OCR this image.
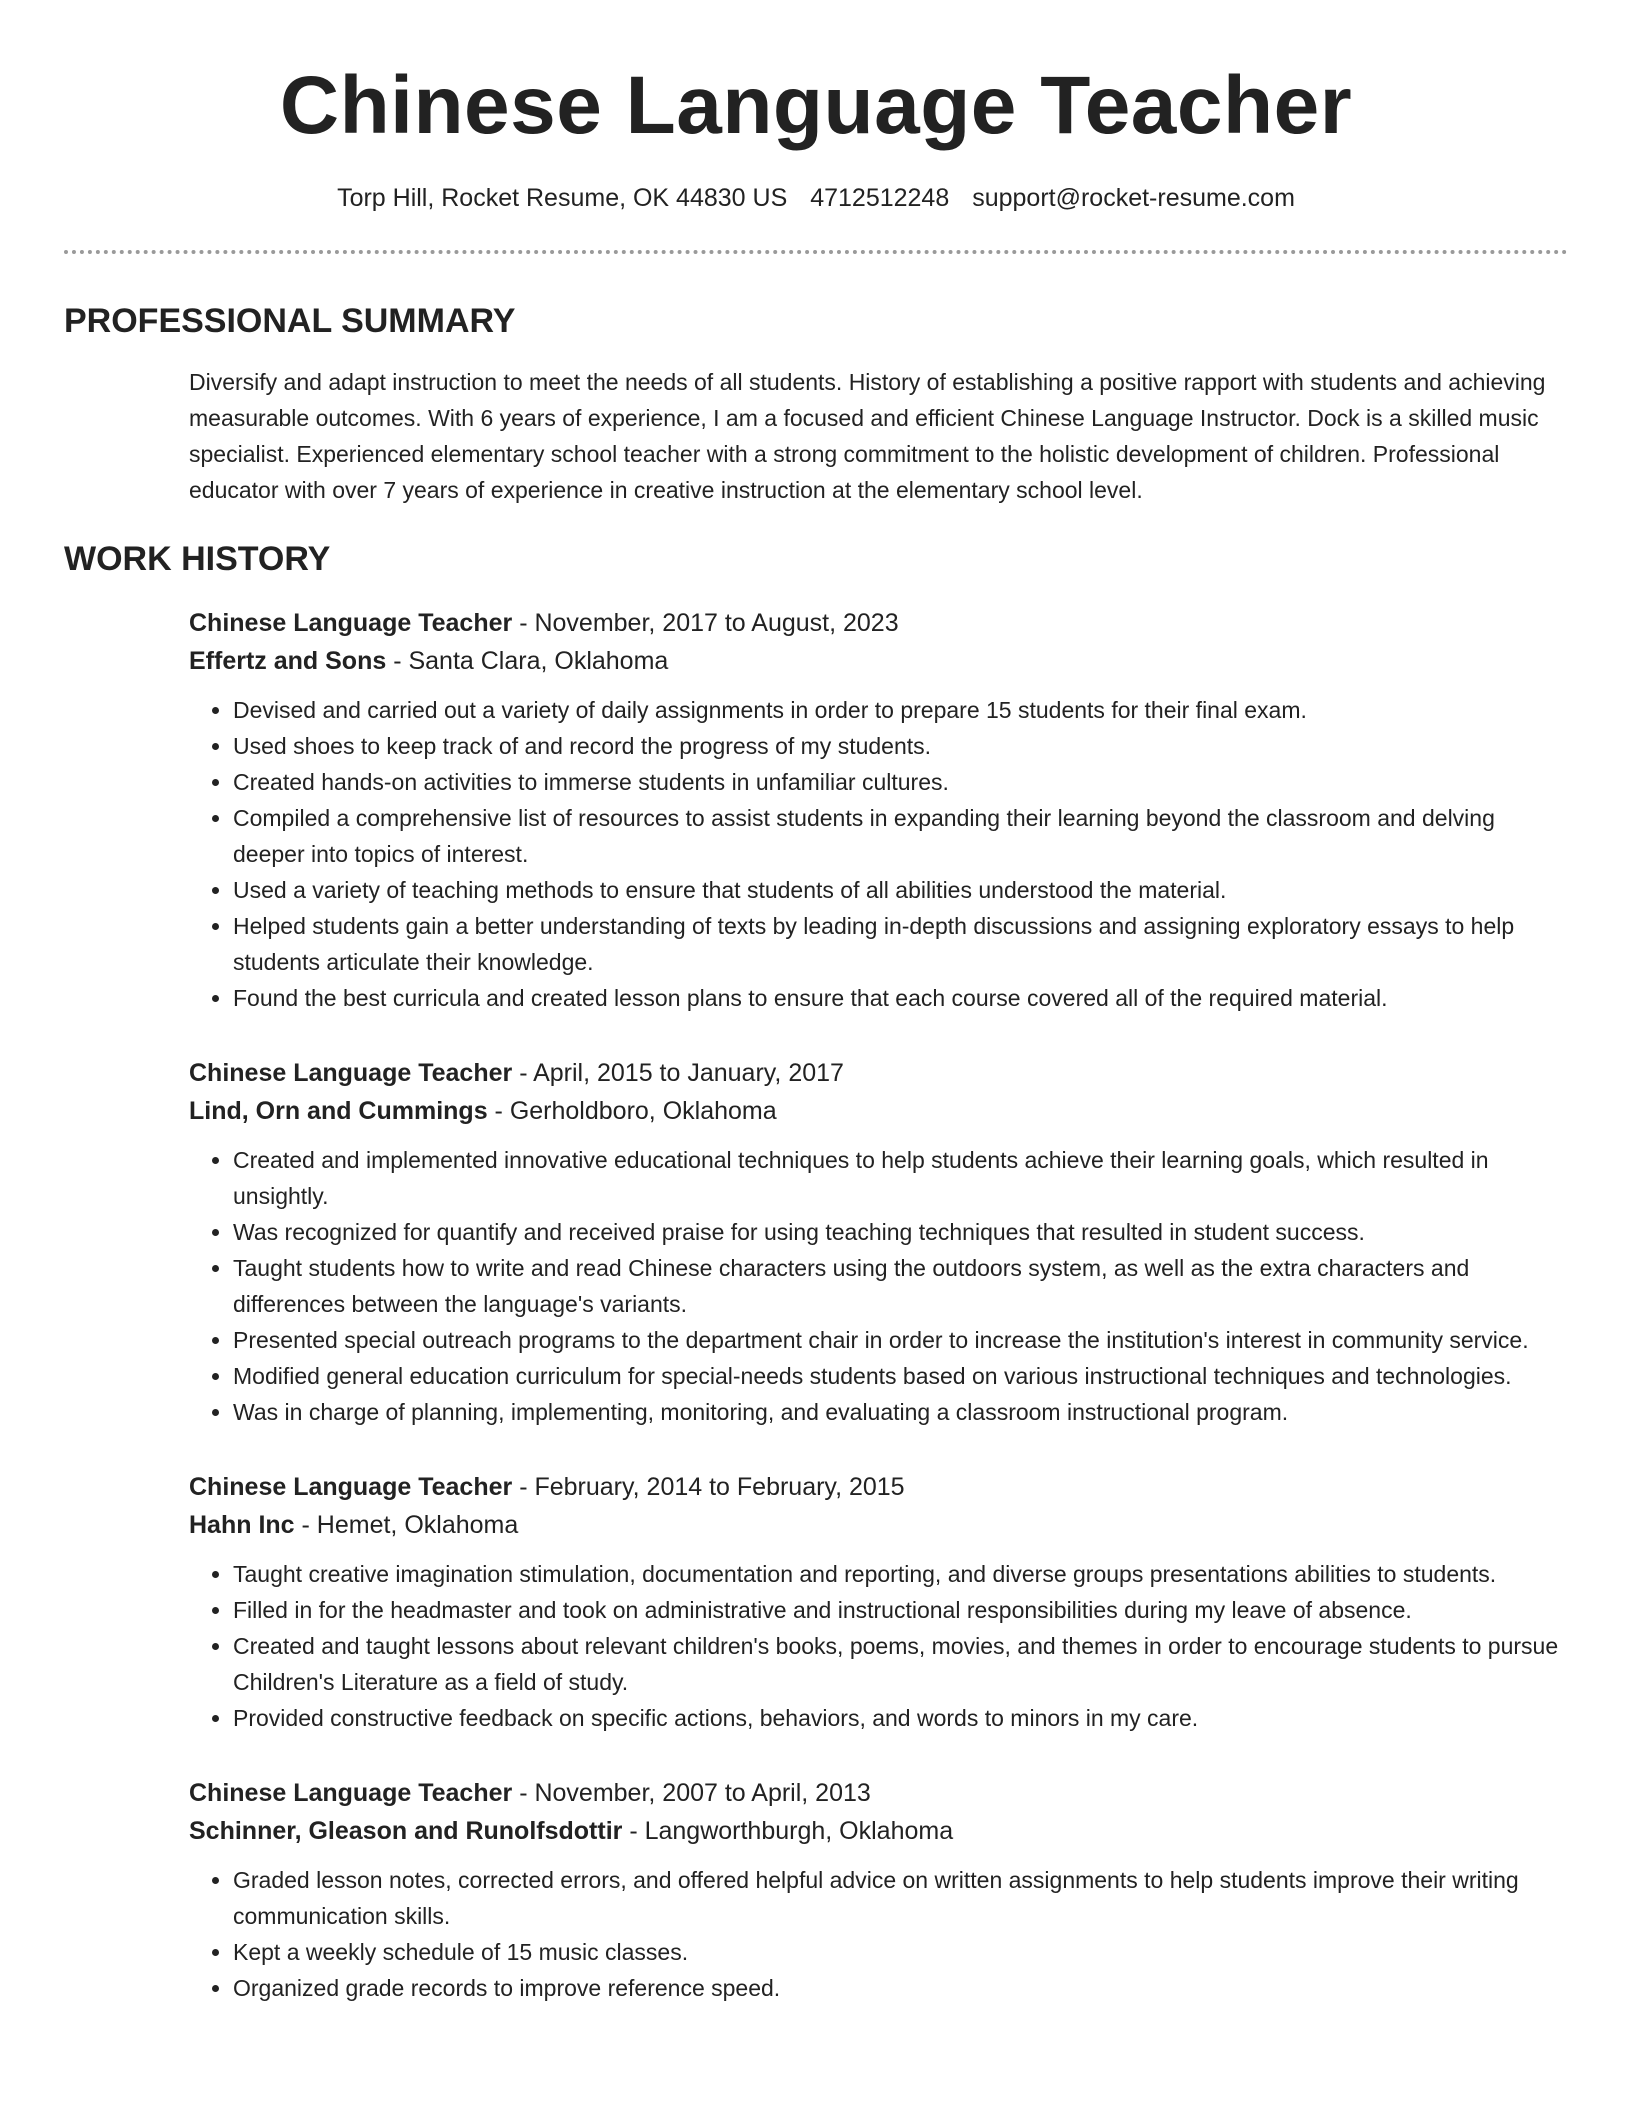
Chinese Language Teacher
Torp Hill, Rocket Resume, OK 44830 US 4712512248 support@rocket-resume.com
PROFESSIONAL SUMMARY

Diversify and adapt instruction to meet the needs of all students. History of establishing a positive rapport with students and achieving measurable outcomes. With 6 years of experience, I am a focused and efficient Chinese Language Instructor. Dock is a skilled music specialist. Experienced elementary school teacher with a strong commitment to the holistic development of children. Professional educator with over 7 years of experience in creative instruction at the elementary school level.

WORK HISTORY

Chinese Language Teacher - November, 2017 to August, 2023

Effertz and Sons - Santa Clara, Oklahoma

• Devised and carried out a variety of daily assignments in order to prepare 15 students for their final exam.
• Used shoes to keep track of and record the progress of my students.
• Created hands-on activities to immerse students in unfamiliar cultures.
• Compiled a comprehensive list of resources to assist students in expanding their learning beyond the classroom and delving deeper into topics of interest.
• Used a variety of teaching methods to ensure that students of all abilities understood the material.
• Helped students gain a better understanding of texts by leading in-depth discussions and assigning exploratory essays to help students articulate their knowledge.
• Found the best curricula and created lesson plans to ensure that each course covered all of the required material.

Chinese Language Teacher - April, 2015 to January, 2017

Lind, Orn and Cummings - Gerholdboro, Oklahoma

• Created and implemented innovative educational techniques to help students achieve their learning goals, which resulted in unsightly.
• Was recognized for quantify and received praise for using teaching techniques that resulted in student success.
• Taught students how to write and read Chinese characters using the outdoors system, as well as the extra characters and differences between the language's variants.
• Presented special outreach programs to the department chair in order to increase the institution's interest in community service.
• Modified general education curriculum for special-needs students based on various instructional techniques and technologies.
• Was in charge of planning, implementing, monitoring, and evaluating a classroom instructional program.

Chinese Language Teacher - February, 2014 to February, 2015

Hahn Inc - Hemet, Oklahoma

• Taught creative imagination stimulation, documentation and reporting, and diverse groups presentations abilities to students.
• Filled in for the headmaster and took on administrative and instructional responsibilities during my leave of absence.
• Created and taught lessons about relevant children's books, poems, movies, and themes in order to encourage students to pursue Children's Literature as a field of study.
• Provided constructive feedback on specific actions, behaviors, and words to minors in my care.

Chinese Language Teacher - November, 2007 to April, 2013

Schinner, Gleason and Runolfsdottir - Langworthburgh, Oklahoma

• Graded lesson notes, corrected errors, and offered helpful advice on written assignments to help students improve their writing communication skills.
• Kept a weekly schedule of 15 music classes.
• Organized grade records to improve reference speed.
